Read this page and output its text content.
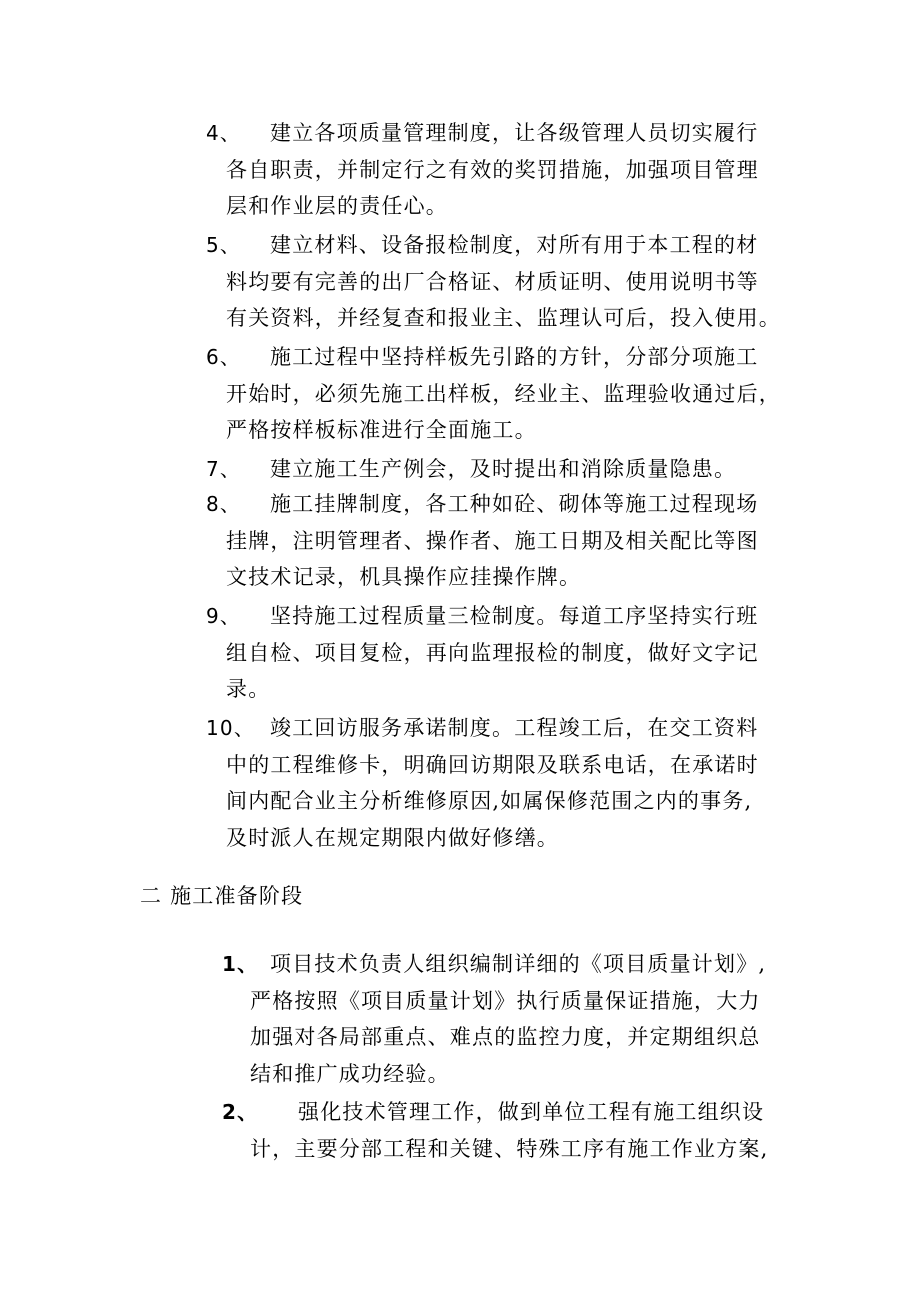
4、 建立各项质量管理制度，让各级管理人员切实履行
各自职责，并制定行之有效的奖罚措施，加强项目管理
层和作业层的责任心。
5、 建立材料、设备报检制度，对所有用于本工程的材
料均要有完善的出厂合格证、材质证明、使用说明书等
有关资料，并经复查和报业主、监理认可后，投入使用。
6、 施工过程中坚持样板先引路的方针，分部分项施工
开始时，必须先施工出样板，经业主、监理验收通过后，
严格按样板标准进行全面施工。
7、 建立施工生产例会，及时提出和消除质量隐患。
8、 施工挂牌制度，各工种如砼、砌体等施工过程现场
挂牌，注明管理者、操作者、施工日期及相关配比等图
文技术记录，机具操作应挂操作牌。
9、 坚持施工过程质量三检制度。每道工序坚持实行班
组自检、项目复检，再向监理报检的制度，做好文字记
录。
10、 竣工回访服务承诺制度。工程竣工后，在交工资料
中的工程维修卡，明确回访期限及联系电话，在承诺时
间内配合业主分析维修原因,如属保修范围之内的事务,
及时派人在规定期限内做好修缮。
二 施工准备阶段
1、 项目技术负责人组织编制详细的《项目质量计划》,
严格按照《项目质量计划》执行质量保证措施，大力
加强对各局部重点、难点的监控力度，并定期组织总
结和推广成功经验。
2、 强化技术管理工作，做到单位工程有施工组织设
计，主要分部工程和关键、特殊工序有施工作业方案,
